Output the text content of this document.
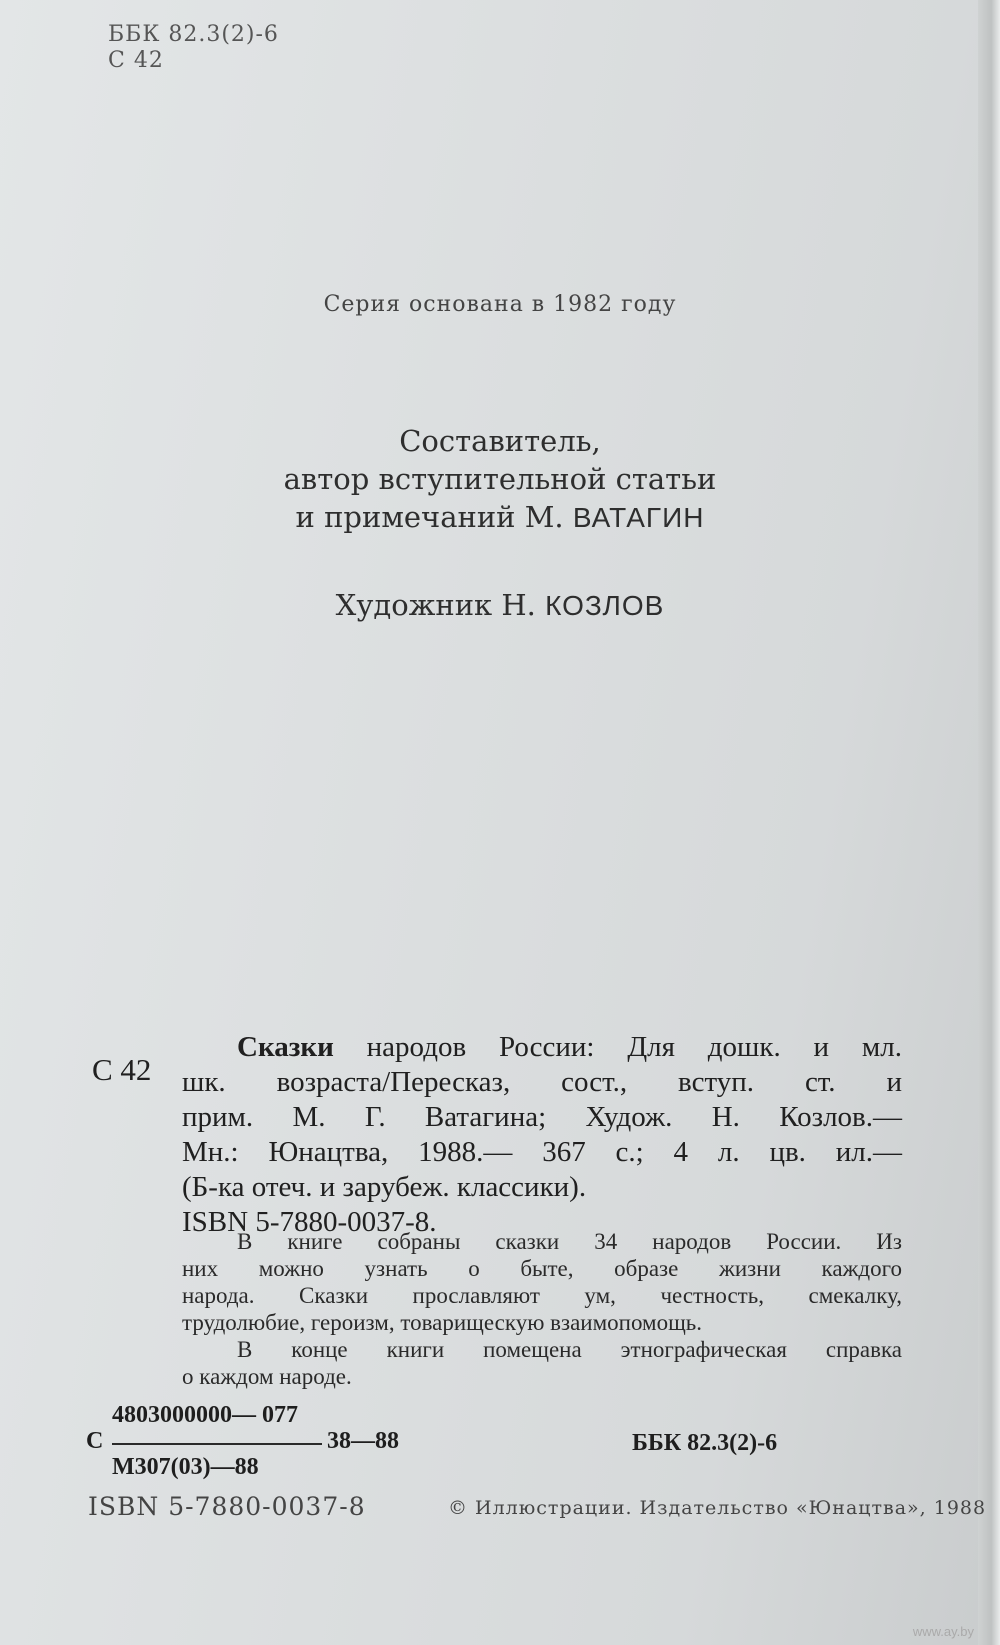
ББК 82.3(2)-6
С 42
Серия основана в 1982 году
Составитель,
автор вступительной статьи
и примечаний М. ВАТАГИН
Художник Н. КОЗЛОВ
С 42

Сказки народов России: Для дошк. и мл.

шк. возраста/Пересказ, сост., вступ. ст. и

прим. М. Г. Ватагина; Худож. Н. Козлов.—

Мн.: Юнацтва, 1988.— 367 с.; 4 л. цв. ил.—

(Б-ка отеч. и зарубеж. классики).

ISBN 5-7880-0037-8.

В книге собраны сказки 34 народов России. Из

них можно узнать о быте, образе жизни каждого

народа. Сказки прославляют ум, честность, смекалку,

трудолюбие, героизм, товарищескую взаимопомощь.

В конце книги помещена этнографическая справка

о каждом народе.

4803000000— 077
С	38—88
М307(03)—88
ББК 82.3(2)-6
ISBN 5-7880-0037-8	© Иллюстрации. Издательство «Юнацтва», 1988
www.ay.by
